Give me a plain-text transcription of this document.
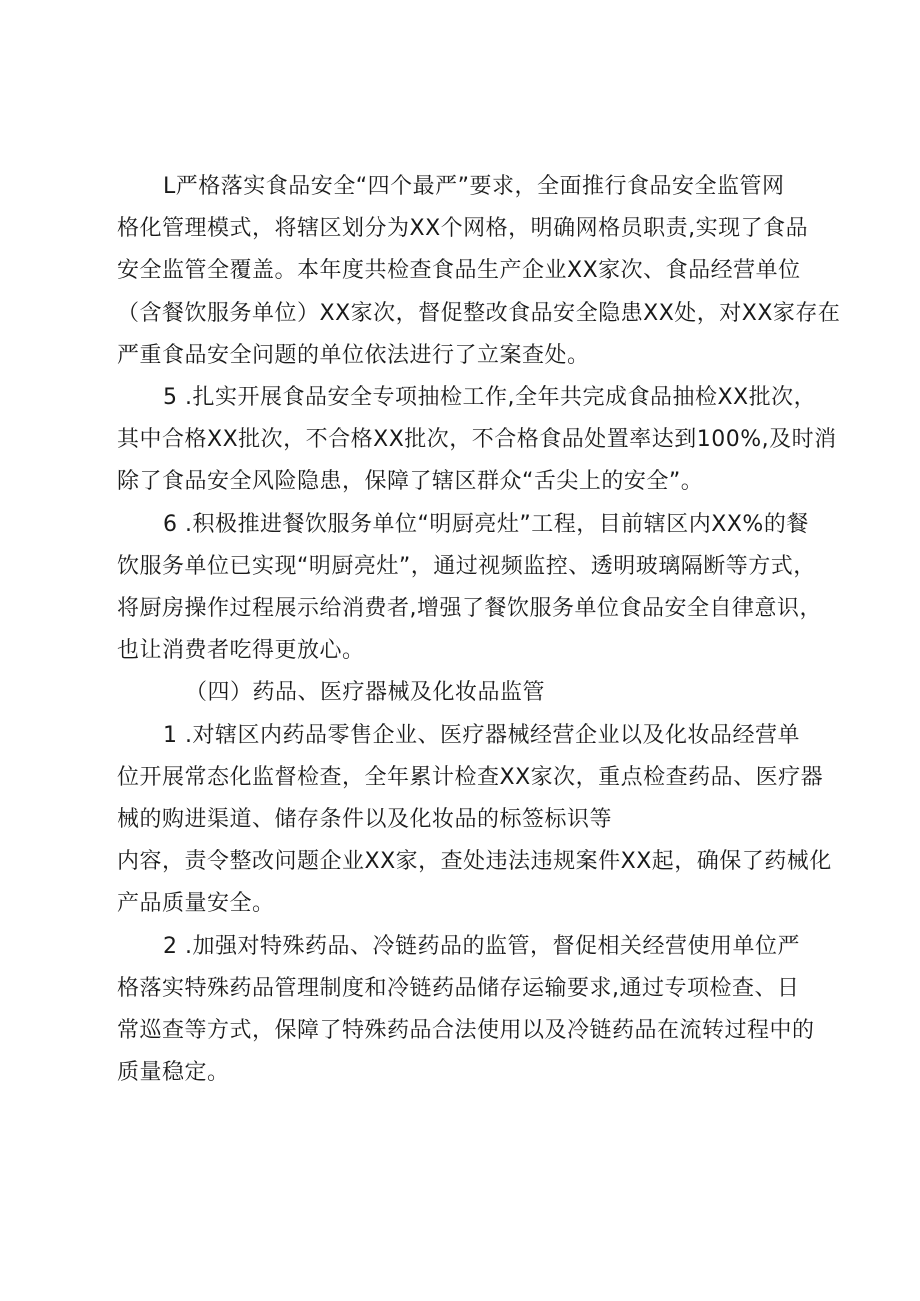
L严格落实食品安全“四个最严”要求，全面推行食品安全监管网
格化管理模式，将辖区划分为XX个网格，明确网格员职责,实现了食品
安全监管全覆盖。本年度共检查食品生产企业XX家次、食品经营单位
（含餐饮服务单位）XX家次，督促整改食品安全隐患XX处，对XX家存在
严重食品安全问题的单位依法进行了立案查处。

5 .扎实开展食品安全专项抽检工作,全年共完成食品抽检XX批次，
其中合格XX批次，不合格XX批次，不合格食品处置率达到100%,及时消
除了食品安全风险隐患，保障了辖区群众“舌尖上的安全”。

6 .积极推进餐饮服务单位“明厨亮灶”工程，目前辖区内XX%的餐
饮服务单位已实现“明厨亮灶”，通过视频监控、透明玻璃隔断等方式，
将厨房操作过程展示给消费者,增强了餐饮服务单位食品安全自律意识，
也让消费者吃得更放心。

（四）药品、医疗器械及化妆品监管

1 .对辖区内药品零售企业、医疗器械经营企业以及化妆品经营单
位开展常态化监督检查，全年累计检查XX家次，重点检查药品、医疗器
械的购进渠道、储存条件以及化妆品的标签标识等
内容，责令整改问题企业XX家，查处违法违规案件XX起，确保了药械化
产品质量安全。

2 .加强对特殊药品、冷链药品的监管，督促相关经营使用单位严
格落实特殊药品管理制度和冷链药品储存运输要求,通过专项检查、日
常巡查等方式，保障了特殊药品合法使用以及冷链药品在流转过程中的
质量稳定。
